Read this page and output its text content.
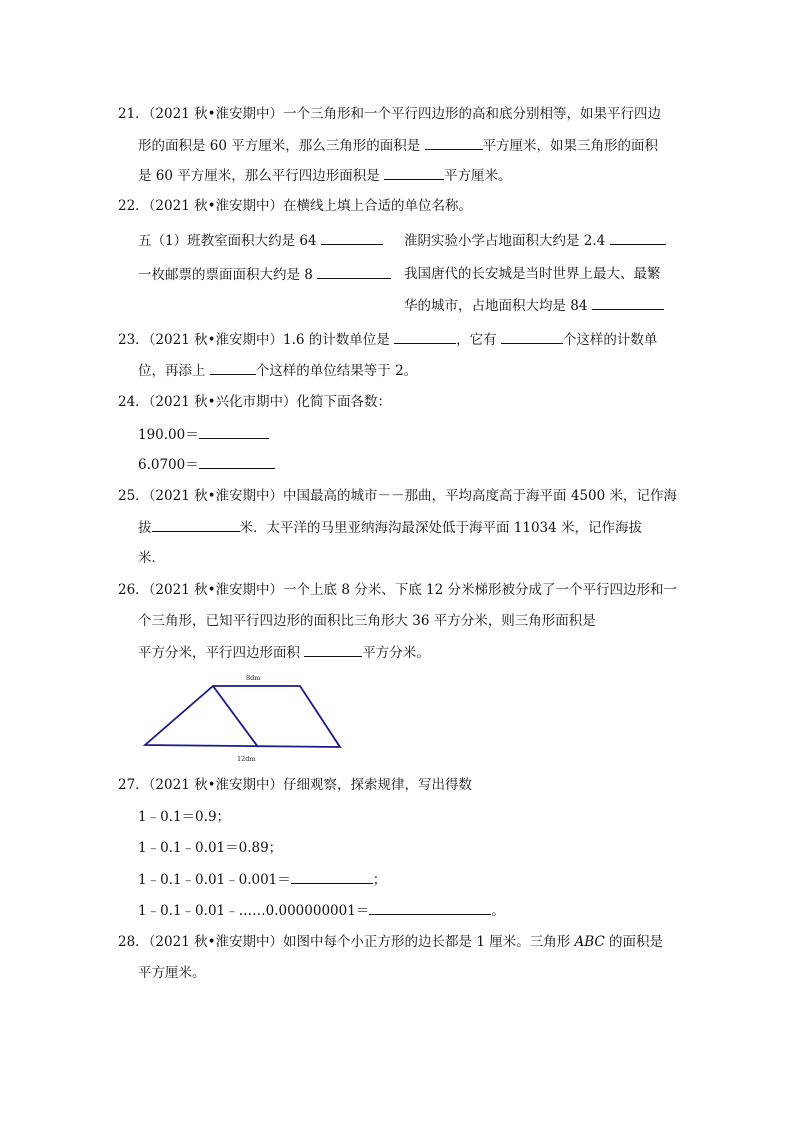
21．（2021 秋•淮安期中）一个三角形和一个平行四边形的高和底分别相等，如果平行四边
形的面积是 60 平方厘米，那么三角形的面积是	平方厘米，如果三角形的面积
是 60 平方厘米，那么平行四边形面积是	平方厘米。
22．（2021 秋•淮安期中）在横线上填上合适的单位名称。
五（1）班教室面积大约是 64	淮阴实验小学占地面积大约是 2.4
一枚邮票的票面面积大约是 8	我国唐代的长安城是当时世界上最大、最繁
华的城市，占地面积大均是 84
23．（2021 秋•淮安期中）1.6 的计数单位是	，它有	个这样的计数单
位，再添上	个这样的单位结果等于 2。
24．（2021 秋•兴化市期中）化简下面各数：
190.00＝
6.0700＝
25．（2021 秋•淮安期中）中国最高的城市－－那曲，平均高度高于海平面 4500 米，记作海
拔	米．太平洋的马里亚纳海沟最深处低于海平面 11034 米，记作海拔
米．
26．（2021 秋•淮安期中）一个上底 8 分米、下底 12 分米梯形被分成了一个平行四边形和一
个三角形，已知平行四边形的面积比三角形大 36 平方分米，则三角形面积是
平方分米，平行四边形面积	平方分米。
8dm
12dm
27．（2021 秋•淮安期中）仔细观察，探索规律，写出得数
1﹣0.1＝0.9；
1﹣0.1﹣0.01＝0.89；
1﹣0.1﹣0.01﹣0.001＝	；
1﹣0.1﹣0.01﹣……0.000000001＝	。
28．（2021 秋•淮安期中）如图中每个小正方形的边长都是 1 厘米。三角形 ABC 的面积是
平方厘米。
